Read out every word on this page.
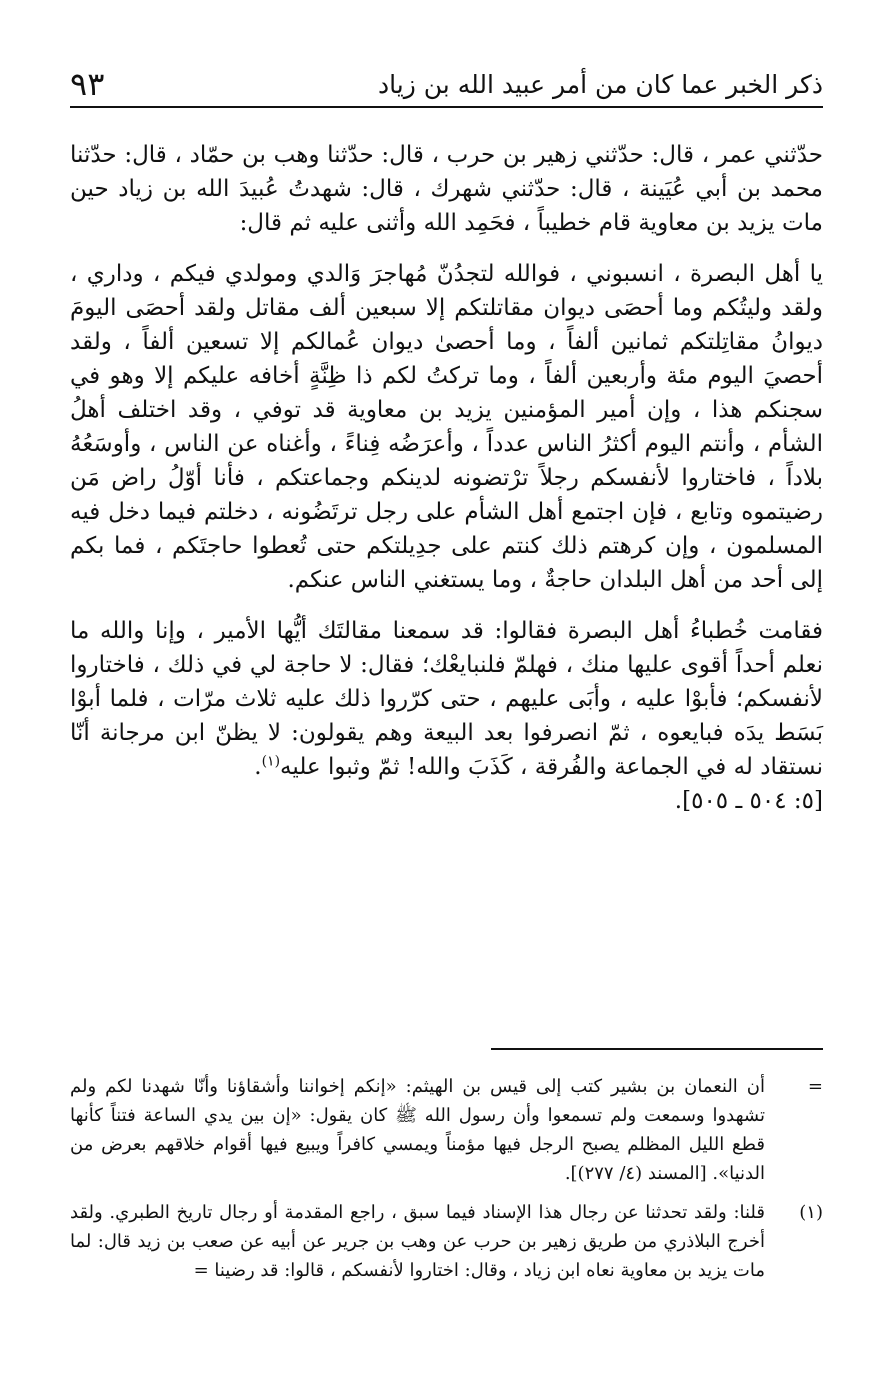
ذكر الخبر عما كان من أمر عبيد الله بن زياد
٩٣

حدّثني عمر ، قال: حدّثني زهير بن حرب ، قال: حدّثنا وهب بن حمّاد ، قال: حدّثنا محمد بن أبي عُيَينة ، قال: حدّثني شهرك ، قال: شهدتُ عُبيدَ الله بن زياد حين مات يزيد بن معاوية قام خطيباً ، فحَمِد الله وأثنى عليه ثم قال:

يا أهل البصرة ، انسبوني ، فوالله لتجدُنّ مُهاجرَ وَالدي ومولدي فيكم ، وداري ، ولقد وليتُكم وما أحصَى ديوان مقاتلتكم إلا سبعين ألف مقاتل ولقد أحصَى اليومَ ديوانُ مقاتِلتكم ثمانين ألفاً ، وما أحصىٰ ديوان عُمالكم إلا تسعين ألفاً ، ولقد أحصيَ اليوم مئة وأربعين ألفاً ، وما تركتُ لكم ذا ظِنَّةٍ أخافه عليكم إلا وهو في سجنكم هذا ، وإن أمير المؤمنين يزيد بن معاوية قد توفي ، وقد اختلف أهلُ الشأم ، وأنتم اليوم أكثرُ الناس عدداً ، وأعرَضُه فِناءً ، وأغناه عن الناس ، وأوسَعُهُ بلاداً ، فاختاروا لأنفسكم رجلاً ترْتضونه لدينكم وجماعتكم ، فأنا أوّلُ راض مَن رضيتموه وتابع ، فإن اجتمع أهل الشأم على رجل ترتَضُونه ، دخلتم فيما دخل فيه المسلمون ، وإن كرهتم ذلك كنتم على جدِيلتكم حتى تُعطوا حاجتَكم ، فما بكم إلى أحد من أهل البلدان حاجةٌ ، وما يستغني الناس عنكم.

فقامت خُطباءُ أهل البصرة فقالوا: قد سمعنا مقالتَك أيُّها الأمير ، وإنا والله ما نعلم أحداً أقوى عليها منك ، فهلمّ فلنبايعْك؛ فقال: لا حاجة لي في ذلك ، فاختاروا لأنفسكم؛ فأبوْا عليه ، وأبَى عليهم ، حتى كرّروا ذلك عليه ثلاث مرّات ، فلما أبوْا بَسَط يدَه فبايعوه ، ثمّ انصرفوا بعد البيعة وهم يقولون: لا يظنّ ابن مرجانة أنّا نستقاد له في الجماعة والفُرقة ، كَذَبَ والله! ثمّ وثبوا عليه$^{(١)}$.
[٥: ٥٠٤ ـ ٥٠٥].

=
أن النعمان بن بشير كتب إلى قيس بن الهيثم: «إنكم إخواننا وأشقاؤنا وأنّا شهدنا لكم ولم تشهدوا وسمعت ولم تسمعوا وأن رسول الله ﷺ كان يقول: «إن بين يدي الساعة فتناً كأنها قطع الليل المظلم يصبح الرجل فيها مؤمناً ويمسي كافراً ويبيع فيها أقوام خلاقهم بعرض من الدنيا». [المسند (٤/ ٢٧٧)].

(١)
قلنا: ولقد تحدثنا عن رجال هذا الإسناد فيما سبق ، راجع المقدمة أو رجال تاريخ الطبري. ولقد أخرج البلاذري من طريق زهير بن حرب عن وهب بن جرير عن أبيه عن صعب بن زيد قال: لما مات يزيد بن معاوية نعاه ابن زياد ، وقال: اختاروا لأنفسكم ، قالوا: قد رضينا =
